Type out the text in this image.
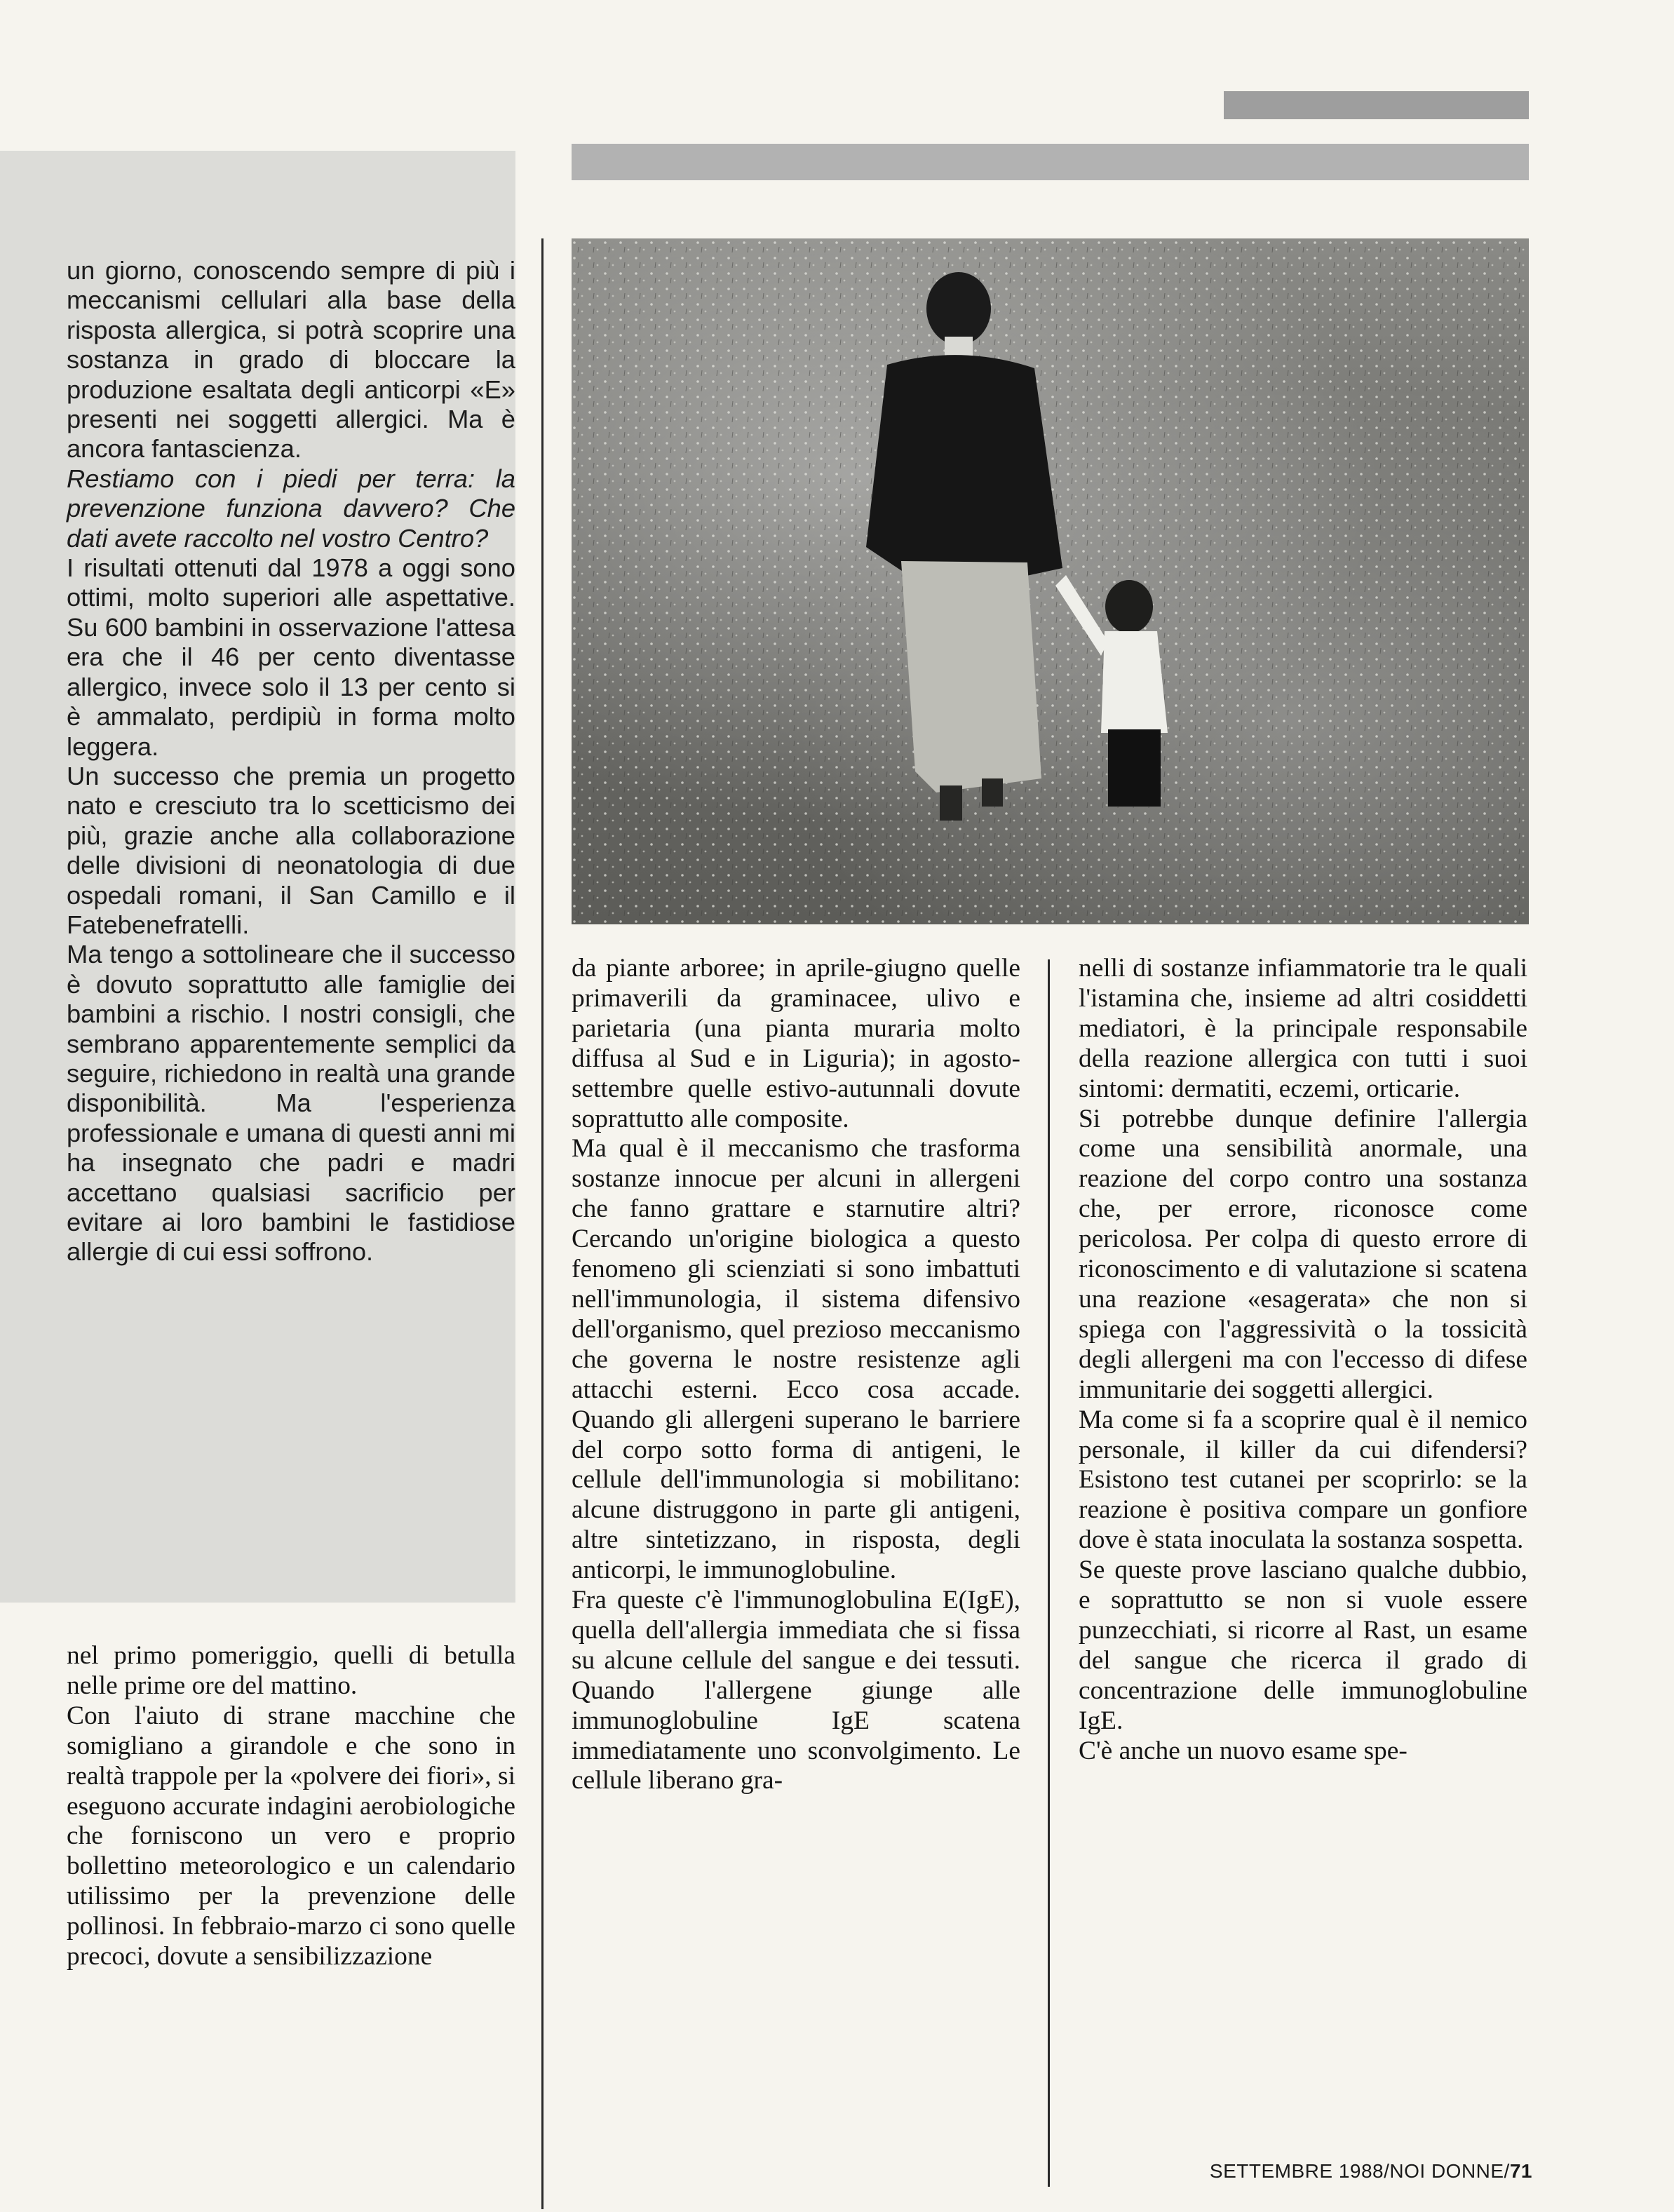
un giorno, conoscendo sempre di più i meccanismi cellulari alla base della risposta allergica, si potrà scoprire una sostanza in grado di bloccare la produzione esaltata degli anticorpi «E» presenti nei soggetti allergici. Ma è ancora fantascienza.

Restiamo con i piedi per terra: la prevenzione funziona davvero? Che dati avete raccolto nel vostro Centro?

I risultati ottenuti dal 1978 a oggi sono ottimi, molto superiori alle aspettative. Su 600 bambini in osservazione l'attesa era che il 46 per cento diventasse allergico, invece solo il 13 per cento si è ammalato, perdipiù in forma molto leggera.

Un successo che premia un progetto nato e cresciuto tra lo scetticismo dei più, grazie anche alla collaborazione delle divisioni di neonatologia di due ospedali romani, il San Camillo e il Fatebenefratelli.

Ma tengo a sottolineare che il successo è dovuto soprattutto alle famiglie dei bambini a rischio. I nostri consigli, che sembrano apparentemente semplici da seguire, richiedono in realtà una grande disponibilità. Ma l'esperienza professionale e umana di questi anni mi ha insegnato che padri e madri accettano qualsiasi sacrificio per evitare ai loro bambini le fastidiose allergie di cui essi soffrono.

nel primo pomeriggio, quelli di betulla nelle prime ore del mattino.

Con l'aiuto di strane macchine che somigliano a girandole e che sono in realtà trappole per la «polvere dei fiori», si eseguono accurate indagini aerobiologiche che forniscono un vero e proprio bollettino meteorologico e un calendario utilissimo per la prevenzione delle pollinosi. In febbraio-marzo ci sono quelle precoci, dovute a sensibilizzazione

da piante arboree; in aprile-giugno quelle primaverili da graminacee, ulivo e parietaria (una pianta muraria molto diffusa al Sud e in Liguria); in agosto-settembre quelle estivo-autunnali dovute soprattutto alle composite.

Ma qual è il meccanismo che trasforma sostanze innocue per alcuni in allergeni che fanno grattare e starnutire altri? Cercando un'origine biologica a questo fenomeno gli scienziati si sono imbattuti nell'immunologia, il sistema difensivo dell'organismo, quel prezioso meccanismo che governa le nostre resistenze agli attacchi esterni. Ecco cosa accade. Quando gli allergeni superano le barriere del corpo sotto forma di antigeni, le cellule dell'immunologia si mobilitano: alcune distruggono in parte gli antigeni, altre sintetizzano, in risposta, degli anticorpi, le immunoglobuline.

Fra queste c'è l'immunoglobulina E(IgE), quella dell'allergia immediata che si fissa su alcune cellule del sangue e dei tessuti. Quando l'allergene giunge alle immunoglobuline IgE scatena immediatamente uno sconvolgimento. Le cellule liberano gra-

nelli di sostanze infiammatorie tra le quali l'istamina che, insieme ad altri cosiddetti mediatori, è la principale responsabile della reazione allergica con tutti i suoi sintomi: dermatiti, eczemi, orticarie.

Si potrebbe dunque definire l'allergia come una sensibilità anormale, una reazione del corpo contro una sostanza che, per errore, riconosce come pericolosa. Per colpa di questo errore di riconoscimento e di valutazione si scatena una reazione «esagerata» che non si spiega con l'aggressività o la tossicità degli allergeni ma con l'eccesso di difese immunitarie dei soggetti allergici.

Ma come si fa a scoprire qual è il nemico personale, il killer da cui difendersi? Esistono test cutanei per scoprirlo: se la reazione è positiva compare un gonfiore dove è stata inoculata la sostanza sospetta.

Se queste prove lasciano qualche dubbio, e soprattutto se non si vuole essere punzecchiati, si ricorre al Rast, un esame del sangue che ricerca il grado di concentrazione delle immunoglobuline IgE.

C'è anche un nuovo esame spe-

SETTEMBRE 1988/NOI DONNE/71
